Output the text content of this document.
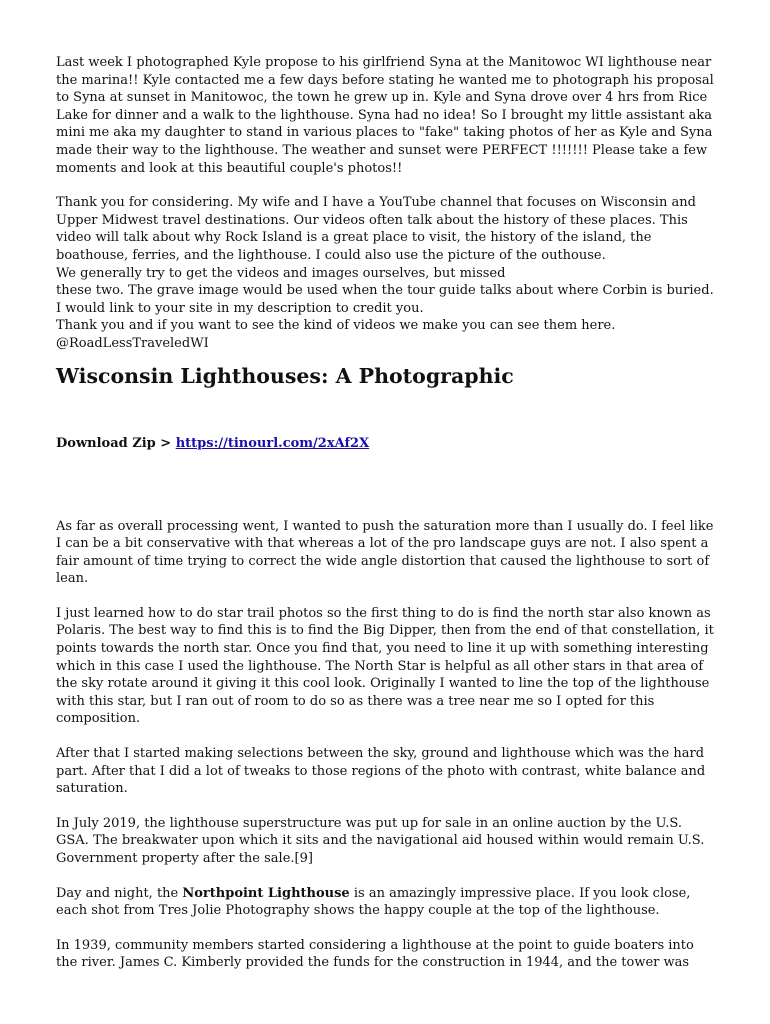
Last week I photographed Kyle propose to his girlfriend Syna at the Manitowoc WI lighthouse near the marina!! Kyle contacted me a few days before stating he wanted me to photograph his proposal to Syna at sunset in Manitowoc, the town he grew up in. Kyle and Syna drove over 4 hrs from Rice Lake for dinner and a walk to the lighthouse. Syna had no idea! So I brought my little assistant aka mini me aka my daughter to stand in various places to "fake" taking photos of her as Kyle and Syna made their way to the lighthouse. The weather and sunset were PERFECT !!!!!!! Please take a few moments and look at this beautiful couple's photos!!

Thank you for considering. My wife and I have a YouTube channel that focuses on Wisconsin and Upper Midwest travel destinations. Our videos often talk about the history of these places. This video will talk about why Rock Island is a great place to visit, the history of the island, the boathouse, ferries, and the lighthouse. I could also use the picture of the outhouse.
We generally try to get the videos and images ourselves, but missed
these two. The grave image would be used when the tour guide talks about where Corbin is buried. I would link to your site in my description to credit you.
Thank you and if you want to see the kind of videos we make you can see them here.
@RoadLessTraveledWI

Wisconsin Lighthouses: A Photographic
Download Zip > https://tinourl.com/2xAf2X

As far as overall processing went, I wanted to push the saturation more than I usually do. I feel like I can be a bit conservative with that whereas a lot of the pro landscape guys are not. I also spent a fair amount of time trying to correct the wide angle distortion that caused the lighthouse to sort of lean.

I just learned how to do star trail photos so the first thing to do is find the north star also known as Polaris. The best way to find this is to find the Big Dipper, then from the end of that constellation, it points towards the north star. Once you find that, you need to line it up with something interesting which in this case I used the lighthouse. The North Star is helpful as all other stars in that area of the sky rotate around it giving it this cool look. Originally I wanted to line the top of the lighthouse with this star, but I ran out of room to do so as there was a tree near me so I opted for this composition.

After that I started making selections between the sky, ground and lighthouse which was the hard part. After that I did a lot of tweaks to those regions of the photo with contrast, white balance and saturation.

In July 2019, the lighthouse superstructure was put up for sale in an online auction by the U.S. GSA. The breakwater upon which it sits and the navigational aid housed within would remain U.S. Government property after the sale.[9]

Day and night, the Northpoint Lighthouse is an amazingly impressive place. If you look close, each shot from Tres Jolie Photography shows the happy couple at the top of the lighthouse.

In 1939, community members started considering a lighthouse at the point to guide boaters into the river. James C. Kimberly provided the funds for the construction in 1944, and the tower was
